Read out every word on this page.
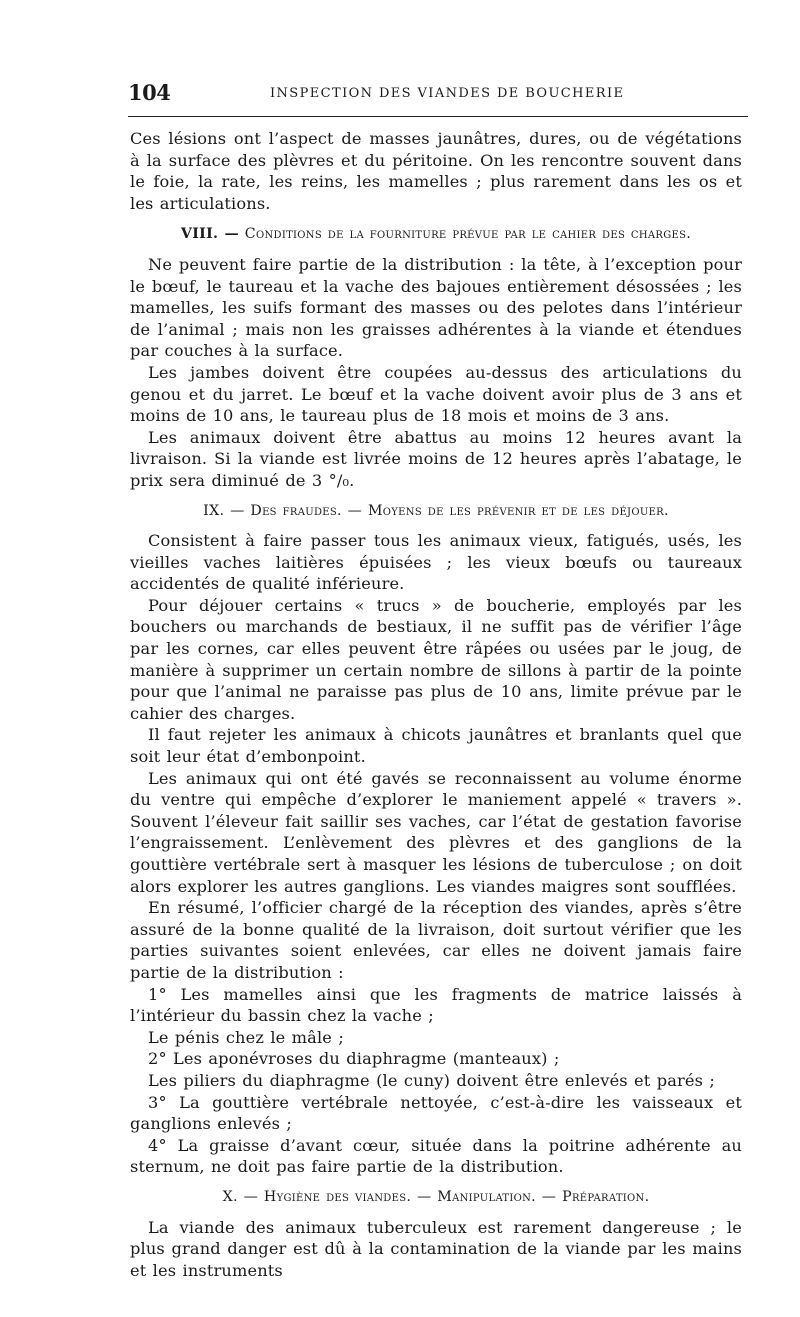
104	INSPECTION DES VIANDES DE BOUCHERIE

Ces lésions ont l’aspect de masses jaunâtres, dures, ou de végétations à la surface des plèvres et du péritoine. On les rencontre souvent dans le foie, la rate, les reins, les mamelles ; plus rarement dans les os et les articulations.

VIII. — Conditions de la fourniture prévue par le cahier des charges.

Ne peuvent faire partie de la distribution : la tête, à l’exception pour le bœuf, le taureau et la vache des bajoues entièrement désossées ; les mamelles, les suifs formant des masses ou des pelotes dans l’intérieur de l’animal ; mais non les graisses adhérentes à la viande et étendues par couches à la surface.

Les jambes doivent être coupées au-dessus des articulations du genou et du jarret. Le bœuf et la vache doivent avoir plus de 3 ans et moins de 10 ans, le taureau plus de 18 mois et moins de 3 ans.

Les animaux doivent être abattus au moins 12 heures avant la livraison. Si la viande est livrée moins de 12 heures après l’abatage, le prix sera diminué de 3 °/₀.

IX. — Des fraudes. — Moyens de les prévenir et de les déjouer.

Consistent à faire passer tous les animaux vieux, fatigués, usés, les vieilles vaches laitières épuisées ; les vieux bœufs ou taureaux accidentés de qualité inférieure.

Pour déjouer certains « trucs » de boucherie, employés par les bouchers ou marchands de bestiaux, il ne suffit pas de vérifier l’âge par les cornes, car elles peuvent être râpées ou usées par le joug, de manière à supprimer un certain nombre de sillons à partir de la pointe pour que l’animal ne paraisse pas plus de 10 ans, limite prévue par le cahier des charges.

Il faut rejeter les animaux à chicots jaunâtres et branlants quel que soit leur état d’embonpoint.

Les animaux qui ont été gavés se reconnaissent au volume énorme du ventre qui empêche d’explorer le maniement appelé « travers ». Souvent l’éleveur fait saillir ses vaches, car l’état de gestation favorise l’engraissement. L’enlèvement des plèvres et des ganglions de la gouttière vertébrale sert à masquer les lésions de tuberculose ; on doit alors explorer les autres ganglions. Les viandes maigres sont soufflées.

En résumé, l’officier chargé de la réception des viandes, après s’être assuré de la bonne qualité de la livraison, doit surtout vérifier que les parties suivantes soient enlevées, car elles ne doivent jamais faire partie de la distribution :

1° Les mamelles ainsi que les fragments de matrice laissés à l’intérieur du bassin chez la vache ;

Le pénis chez le mâle ;

2° Les aponévroses du diaphragme (manteaux) ;

Les piliers du diaphragme (le cuny) doivent être enlevés et parés ;

3° La gouttière vertébrale nettoyée, c’est-à-dire les vaisseaux et ganglions enlevés ;

4° La graisse d’avant cœur, située dans la poitrine adhérente au sternum, ne doit pas faire partie de la distribution.

X. — Hygiène des viandes. — Manipulation. — Préparation.

La viande des animaux tuberculeux est rarement dangereuse ; le plus grand danger est dû à la contamination de la viande par les mains et les instruments
